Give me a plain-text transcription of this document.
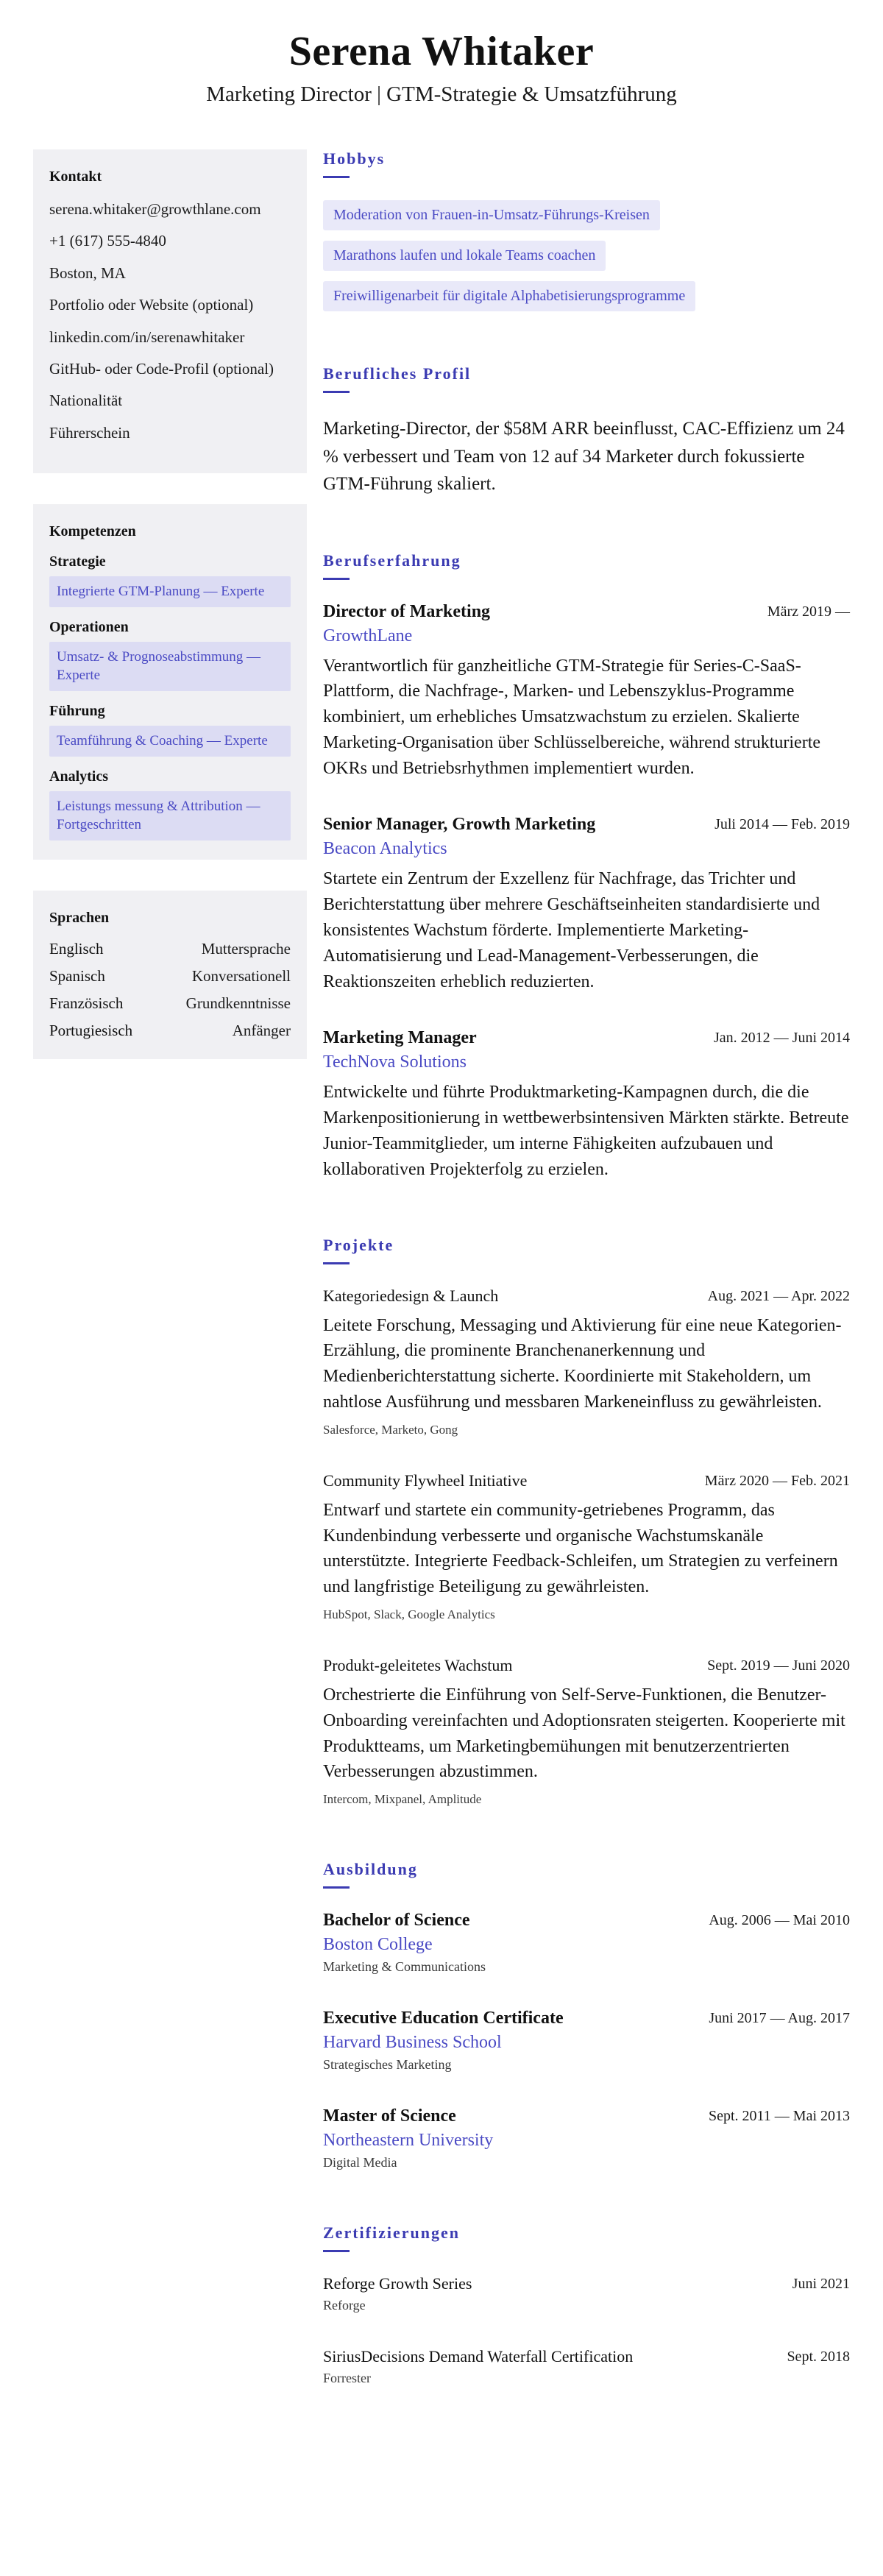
Serena Whitaker
Marketing Director | GTM-Strategie & Umsatzführung
Kontakt
serena.whitaker@growthlane.com
+1 (617) 555-4840
Boston, MA
Portfolio oder Website (optional)
linkedin.com/in/serenawhitaker
GitHub- oder Code-Profil (optional)
Nationalität
Führerschein
Kompetenzen
Strategie
Integrierte GTM-Planung — Experte
Operationen
Umsatz- & Prognoseabstimmung — Experte
Führung
Teamführung & Coaching — Experte
Analytics
Leistungs messung & Attribution — Fortgeschritten
Sprachen
Englisch	Muttersprache
Spanisch	Konversationell
Französisch	Grundkenntnisse
Portugiesisch	Anfänger
Hobbys
Moderation von Frauen-in-Umsatz-Führungs-Kreisen
Marathons laufen und lokale Teams coachen
Freiwilligenarbeit für digitale Alphabetisierungsprogramme
Berufliches Profil

Marketing-Director, der $58M ARR beeinflusst, CAC-Effizienz um 24 % verbessert und Team von 12 auf 34 Marketer durch fokussierte GTM-Führung skaliert.

Berufserfahrung
Director of Marketing	März 2019 —
GrowthLane

Verantwortlich für ganzheitliche GTM-Strategie für Series-C-SaaS-Plattform, die Nachfrage-, Marken- und Lebenszyklus-Programme kombiniert, um erhebliches Umsatzwachstum zu erzielen. Skalierte Marketing-Organisation über Schlüsselbereiche, während strukturierte OKRs und Betriebsrhythmen implementiert wurden.

Senior Manager, Growth Marketing	Juli 2014 — Feb. 2019
Beacon Analytics

Startete ein Zentrum der Exzellenz für Nachfrage, das Trichter und Berichterstattung über mehrere Geschäftseinheiten standardisierte und konsistentes Wachstum förderte. Implementierte Marketing-Automatisierung und Lead-Management-Verbesserungen, die Reaktionszeiten erheblich reduzierten.

Marketing Manager	Jan. 2012 — Juni 2014
TechNova Solutions

Entwickelte und führte Produktmarketing-Kampagnen durch, die die Markenpositionierung in wettbewerbsintensiven Märkten stärkte. Betreute Junior-Teammitglieder, um interne Fähigkeiten aufzubauen und kollaborativen Projekterfolg zu erzielen.

Projekte
Kategoriedesign & Launch	Aug. 2021 — Apr. 2022

Leitete Forschung, Messaging und Aktivierung für eine neue Kategorien-Erzählung, die prominente Branchenanerkennung und Medienberichterstattung sicherte. Koordinierte mit Stakeholdern, um nahtlose Ausführung und messbaren Markeneinfluss zu gewährleisten.

Salesforce, Marketo, Gong
Community Flywheel Initiative	März 2020 — Feb. 2021

Entwarf und startete ein community-getriebenes Programm, das Kundenbindung verbesserte und organische Wachstumskanäle unterstützte. Integrierte Feedback-Schleifen, um Strategien zu verfeinern und langfristige Beteiligung zu gewährleisten.

HubSpot, Slack, Google Analytics
Produkt-geleitetes Wachstum	Sept. 2019 — Juni 2020

Orchestrierte die Einführung von Self-Serve-Funktionen, die Benutzer-Onboarding vereinfachten und Adoptionsraten steigerten. Kooperierte mit Produktteams, um Marketingbemühungen mit benutzerzentrierten Verbesserungen abzustimmen.

Intercom, Mixpanel, Amplitude
Ausbildung
Bachelor of Science	Aug. 2006 — Mai 2010
Boston College
Marketing & Communications
Executive Education Certificate	Juni 2017 — Aug. 2017
Harvard Business School
Strategisches Marketing
Master of Science	Sept. 2011 — Mai 2013
Northeastern University
Digital Media
Zertifizierungen
Reforge Growth Series	Juni 2021
Reforge
SiriusDecisions Demand Waterfall Certification	Sept. 2018
Forrester
